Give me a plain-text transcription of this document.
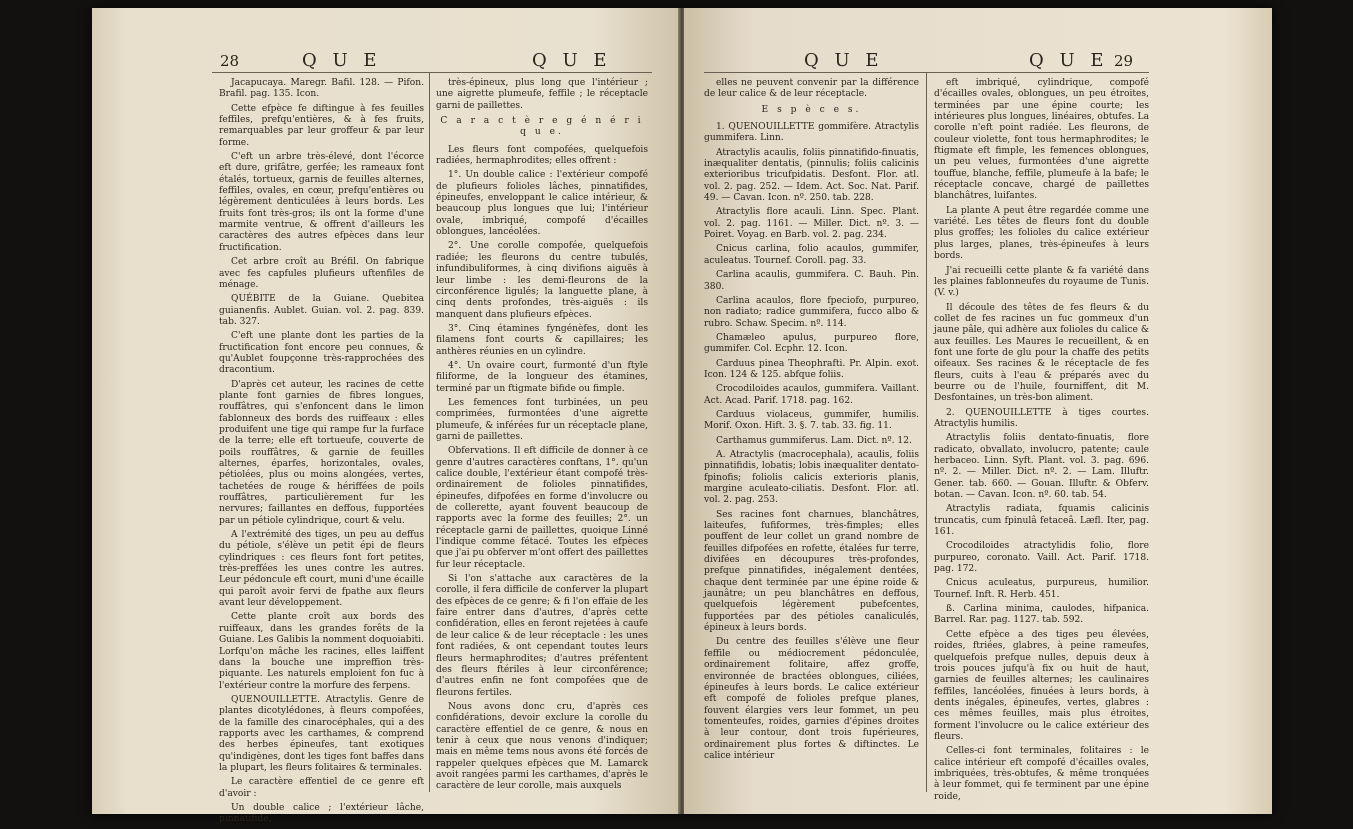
28	Q U E	Q U E

Jacapucaya. Maregr. Bafil. 128. — Pifon. Brafil. pag. 135. Icon.

Cette efpèce fe diftingue à fes feuilles feffiles, prefqu'entières, & à fes fruits, remarquables par leur groffeur & par leur forme.

C'eft un arbre très-élevé, dont l'écorce eft dure, grifâtre, gerfée; les rameaux font étalés, tortueux, garnis de feuilles alternes, feffiles, ovales, en cœur, prefqu'entières ou légèrement denticulées à leurs bords. Les fruits font très-gros; ils ont la forme d'une marmite ventrue, & offrent d'ailleurs les caractères des autres efpèces dans leur fructification.

Cet arbre croît au Bréfil. On fabrique avec fes capfules plufieurs uftenfiles de ménage.

QUÉBITE de la Guiane. Quebitea guianenfis. Aublet. Guian. vol. 2. pag. 839. tab. 327.

C'eft une plante dont les parties de la fructification font encore peu connues, & qu'Aublet foupçonne très-rapprochées des dracontium.

D'après cet auteur, les racines de cette plante font garnies de fibres longues, rouffâtres, qui s'enfoncent dans le limon fablonneux des bords des ruiffeaux : elles produifent une tige qui rampe fur la furface de la terre; elle eft tortueufe, couverte de poils rouffâtres, & garnie de feuilles alternes, éparfes, horizontales, ovales, pétiolées, plus ou moins alongées, vertes, tachetées de rouge & hériffées de poils rouffâtres, particulièrement fur les nervures; faillantes en deffous, fupportées par un pétiole cylindrique, court & velu.

A l'extrémité des tiges, un peu au deffus du pétiole, s'élève un petit épi de fleurs cylindriques : ces fleurs font fort petites, très-preffées les unes contre les autres. Leur pédoncule eft court, muni d'une écaille qui paroît avoir fervi de fpathe aux fleurs avant leur développement.

Cette plante croît aux bords des ruiffeaux, dans les grandes forêts de la Guiane. Les Galibis la nomment doquoiabiti. Lorfqu'on mâche les racines, elles laiffent dans la bouche une impreffion très-piquante. Les naturels emploient fon fuc à l'extérieur contre la morfure des ferpens.

QUENOUILLETTE. Atractylis. Genre de plantes dicotylédones, à fleurs compofées, de la famille des cinarocéphales, qui a des rapports avec les carthames, & comprend des herbes épineufes, tant exotiques qu'indigènes, dont les tiges font baffes dans la plupart, les fleurs folitaires & terminales.

Le caractère effentiel de ce genre eft d'avoir :

Un double calice ; l'extérieur lâche, pinnatifide,

très-épineux, plus long que l'intérieur ; une aigrette plumeufe, feffile ; le réceptacle garni de paillettes.

C a r a c t è r e g é n é r i q u e.

Les fleurs font compofées, quelquefois radiées, hermaphrodites; elles offrent :

1°. Un double calice : l'extérieur compofé de plufieurs folioles lâches, pinnatifides, épineufes, enveloppant le calice intérieur, & beaucoup plus longues que lui; l'intérieur ovale, imbriqué, compofé d'écailles oblongues, lancéolées.

2°. Une corolle compofée, quelquefois radiée; les fleurons du centre tubulés, infundibuliformes, à cinq divifions aiguës à leur limbe : les demi-fleurons de la circonférence ligulés; la languette plane, à cinq dents profondes, très-aiguës : ils manquent dans plufieurs efpèces.

3°. Cinq étamines fyngénèfes, dont les filamens font courts & capillaires; les anthères réunies en un cylindre.

4°. Un ovaire court, furmonté d'un ftyle filiforme, de la longueur des étamines, terminé par un ftigmate bifide ou fimple.

Les femences font turbinées, un peu comprimées, furmontées d'une aigrette plumeufe, & inférées fur un réceptacle plane, garni de paillettes.

Obfervations. Il eft difficile de donner à ce genre d'autres caractères conftans, 1°. qu'un calice double, l'extérieur étant compofé très-ordinairement de folioles pinnatifides, épineufes, difpofées en forme d'involucre ou de collerette, ayant fouvent beaucoup de rapports avec la forme des feuilles; 2°. un réceptacle garni de paillettes, quoique Linné l'indique comme fétacé. Toutes les efpèces que j'ai pu obferver m'ont offert des paillettes fur leur réceptacle.

Si l'on s'attache aux caractères de la corolle, il fera difficile de conferver la plupart des efpèces de ce genre; & fi l'on effaie de les faire entrer dans d'autres, d'après cette confidération, elles en feront rejetées à caufe de leur calice & de leur réceptacle : les unes font radiées, & ont cependant toutes leurs fleurs hermaphrodites; d'autres préfentent des fleurs ftériles à leur circonférence; d'autres enfin ne font compofées que de fleurons fertiles.

Nous avons donc cru, d'après ces confidérations, devoir exclure la corolle du caractère effentiel de ce genre, & nous en tenir à ceux que nous venons d'indiquer; mais en même tems nous avons été forcés de rappeler quelques efpèces que M. Lamarck avoit rangées parmi les carthames, d'après le caractère de leur corolle, mais auxquels

Q U E	Q U E 29

elles ne peuvent convenir par la différence de leur calice & de leur réceptacle.

E s p è c e s.

1. QUENOUILLETTE gommifère. Atractylis gummifera. Linn.

Atractylis acaulis, foliis pinnatifido-finuatis, inæqualiter dentatis, (pinnulis; foliis calicinis exterioribus tricufpidatis. Desfont. Flor. atl. vol. 2. pag. 252. — Idem. Act. Soc. Nat. Parif. 49. — Cavan. Icon. nº. 250. tab. 228.

Atractylis flore acauli. Linn. Spec. Plant. vol. 2. pag. 1161. — Miller. Dict. nº. 3. — Poiret. Voyag. en Barb. vol. 2. pag. 234.

Cnicus carlina, folio acaulos, gummifer, aculeatus. Tournef. Coroll. pag. 33.

Carlina acaulis, gummifera. C. Bauh. Pin. 380.

Carlina acaulos, flore fpeciofo, purpureo, non radiato; radice gummifera, fucco albo & rubro. Schaw. Specim. nº. 114.

Chamæleo apulus, purpureo flore, gummifer. Col. Ecphr. 12. Icon.

Carduus pinea Theophrafti. Pr. Alpin. exot. Icon. 124 & 125. abfque foliis.

Crocodiloides acaulos, gummifera. Vaillant. Act. Acad. Parif. 1718. pag. 162.

Carduus violaceus, gummifer, humilis. Morif. Oxon. Hift. 3. §. 7. tab. 33. fig. 11.

Carthamus gummiferus. Lam. Dict. nº. 12.

A. Atractylis (macrocephala), acaulis, foliis pinnatifidis, lobatis; lobis inæqualiter dentato-fpinofis; foliolis calicis exterioris planis, margine aculeato-ciliatis. Desfont. Flor. atl. vol. 2. pag. 253.

Ses racines font charnues, blanchâtres, laiteufes, fufiformes, très-fimples; elles pouffent de leur collet un grand nombre de feuilles difpofées en rofette, étalées fur terre, divifées en découpures très-profondes, prefque pinnatifides, inégalement dentées, chaque dent terminée par une épine roide & jaunâtre; un peu blanchâtres en deffous, quelquefois légèrement pubefcentes, fupportées par des pétioles canaliculés, épineux à leurs bords.

Du centre des feuilles s'élève une fleur feffile ou médiocrement pédonculée, ordinairement folitaire, affez groffe, environnée de bractées oblongues, ciliées, épineufes à leurs bords. Le calice extérieur eft compofé de folioles prefque planes, fouvent élargies vers leur fommet, un peu tomenteufes, roides, garnies d'épines droites à leur contour, dont trois fupérieures, ordinairement plus fortes & diftinctes. Le calice intérieur

eft imbriqué, cylindrique, compofé d'écailles ovales, oblongues, un peu étroites, terminées par une épine courte; les intérieures plus longues, linéaires, obtufes. La corolle n'eft point radiée. Les fleurons, de couleur violette, font tous hermaphrodites; le ftigmate eft fimple, les femences oblongues, un peu velues, furmontées d'une aigrette touffue, blanche, feffile, plumeufe à la bafe; le réceptacle concave, chargé de paillettes blanchâtres, luifantes.

La plante A peut être regardée comme une variété. Les têtes de fleurs font du double plus groffes; les folioles du calice extérieur plus larges, planes, très-épineufes à leurs bords.

J'ai recueilli cette plante & fa variété dans les plaines fablonneufes du royaume de Tunis. (V. v.)

Il découle des têtes de fes fleurs & du collet de fes racines un fuc gommeux d'un jaune pâle, qui adhère aux folioles du calice & aux feuilles. Les Maures le recueillent, & en font une forte de glu pour la chaffe des petits oifeaux. Ses racines & le réceptacle de fes fleurs, cuits à l'eau & préparés avec du beurre ou de l'huile, fourniffent, dit M. Desfontaines, un très-bon aliment.

2. QUENOUILLETTE à tiges courtes. Atractylis humilis.

Atractylis foliis dentato-finuatis, flore radicato, obvallato, involucro, patente; caule herbaceo. Linn. Syft. Plant. vol. 3. pag. 696. nº. 2. — Miller. Dict. nº. 2. — Lam. Illuftr. Gener. tab. 660. — Gouan. Illuftr. & Obferv. botan. — Cavan. Icon. nº. 60. tab. 54.

Atractylis radiata, fquamis calicinis truncatis, cum fpinulâ fetaceâ. Læfl. Iter, pag. 161.

Crocodiloides atractylidis folio, flore purpureo, coronato. Vaill. Act. Parif. 1718. pag. 172.

Cnicus aculeatus, purpureus, humilior. Tournef. Inft. R. Herb. 451.

ß. Carlina minima, caulodes, hifpanica. Barrel. Rar. pag. 1127. tab. 592.

Cette efpèce a des tiges peu élevées, roides, ftriées, glabres, à peine rameufes, quelquefois prefque nulles, depuis deux à trois pouces jufqu'à fix ou huit de haut, garnies de feuilles alternes; les caulinaires feffiles, lancéolées, finuées à leurs bords, à dents inégales, épineufes, vertes, glabres : ces mêmes feuilles, mais plus étroites, forment l'involucre ou le calice extérieur des fleurs.

Celles-ci font terminales, folitaires : le calice intérieur eft compofé d'écailles ovales, imbriquées, très-obtufes, & même tronquées à leur fommet, qui fe terminent par une épine roide,
